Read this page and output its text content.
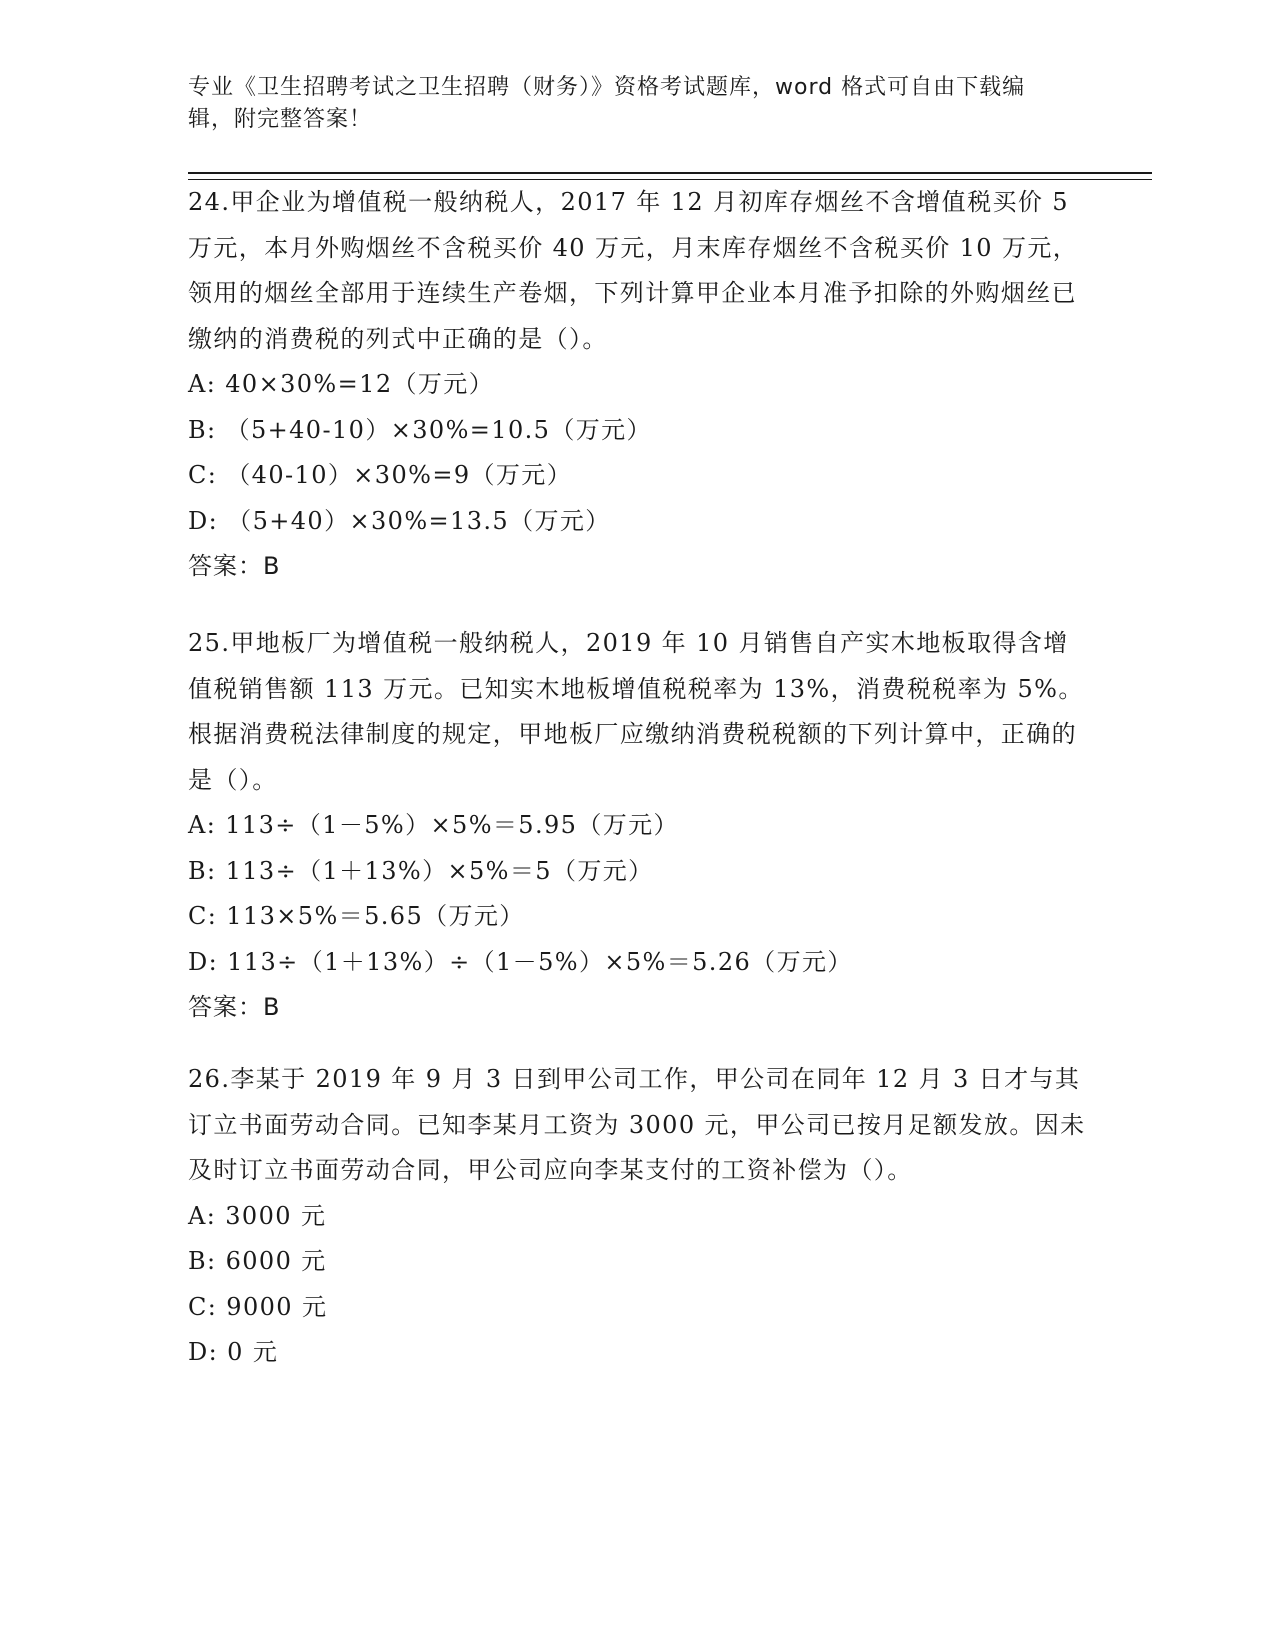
专业《卫生招聘考试之卫生招聘（财务）》资格考试题库，word 格式可自由下载编辑，附完整答案！

24.甲企业为增值税一般纳税人，2017 年 12 月初库存烟丝不含增值税买价 5 万元，本月外购烟丝不含税买价 40 万元，月末库存烟丝不含税买价 10 万元，领用的烟丝全部用于连续生产卷烟，下列计算甲企业本月准予扣除的外购烟丝已缴纳的消费税的列式中正确的是（）。

A: 40×30%=12（万元）

B: （5+40-10）×30%=10.5（万元）

C: （40-10）×30%=9（万元）

D: （5+40）×30%=13.5（万元）

答案：B

25.甲地板厂为增值税一般纳税人，2019 年 10 月销售自产实木地板取得含增值税销售额 113 万元。已知实木地板增值税税率为 13%，消费税税率为 5%。根据消费税法律制度的规定，甲地板厂应缴纳消费税税额的下列计算中，正确的是（）。

A: 113÷（1－5%）×5%＝5.95（万元）

B: 113÷（1＋13%）×5%＝5（万元）

C: 113×5%＝5.65（万元）

D: 113÷（1＋13%）÷（1－5%）×5%＝5.26（万元）

答案：B

26.李某于 2019 年 9 月 3 日到甲公司工作，甲公司在同年 12 月 3 日才与其订立书面劳动合同。已知李某月工资为 3000 元，甲公司已按月足额发放。因未及时订立书面劳动合同，甲公司应向李某支付的工资补偿为（）。

A: 3000 元

B: 6000 元

C: 9000 元

D: 0 元
